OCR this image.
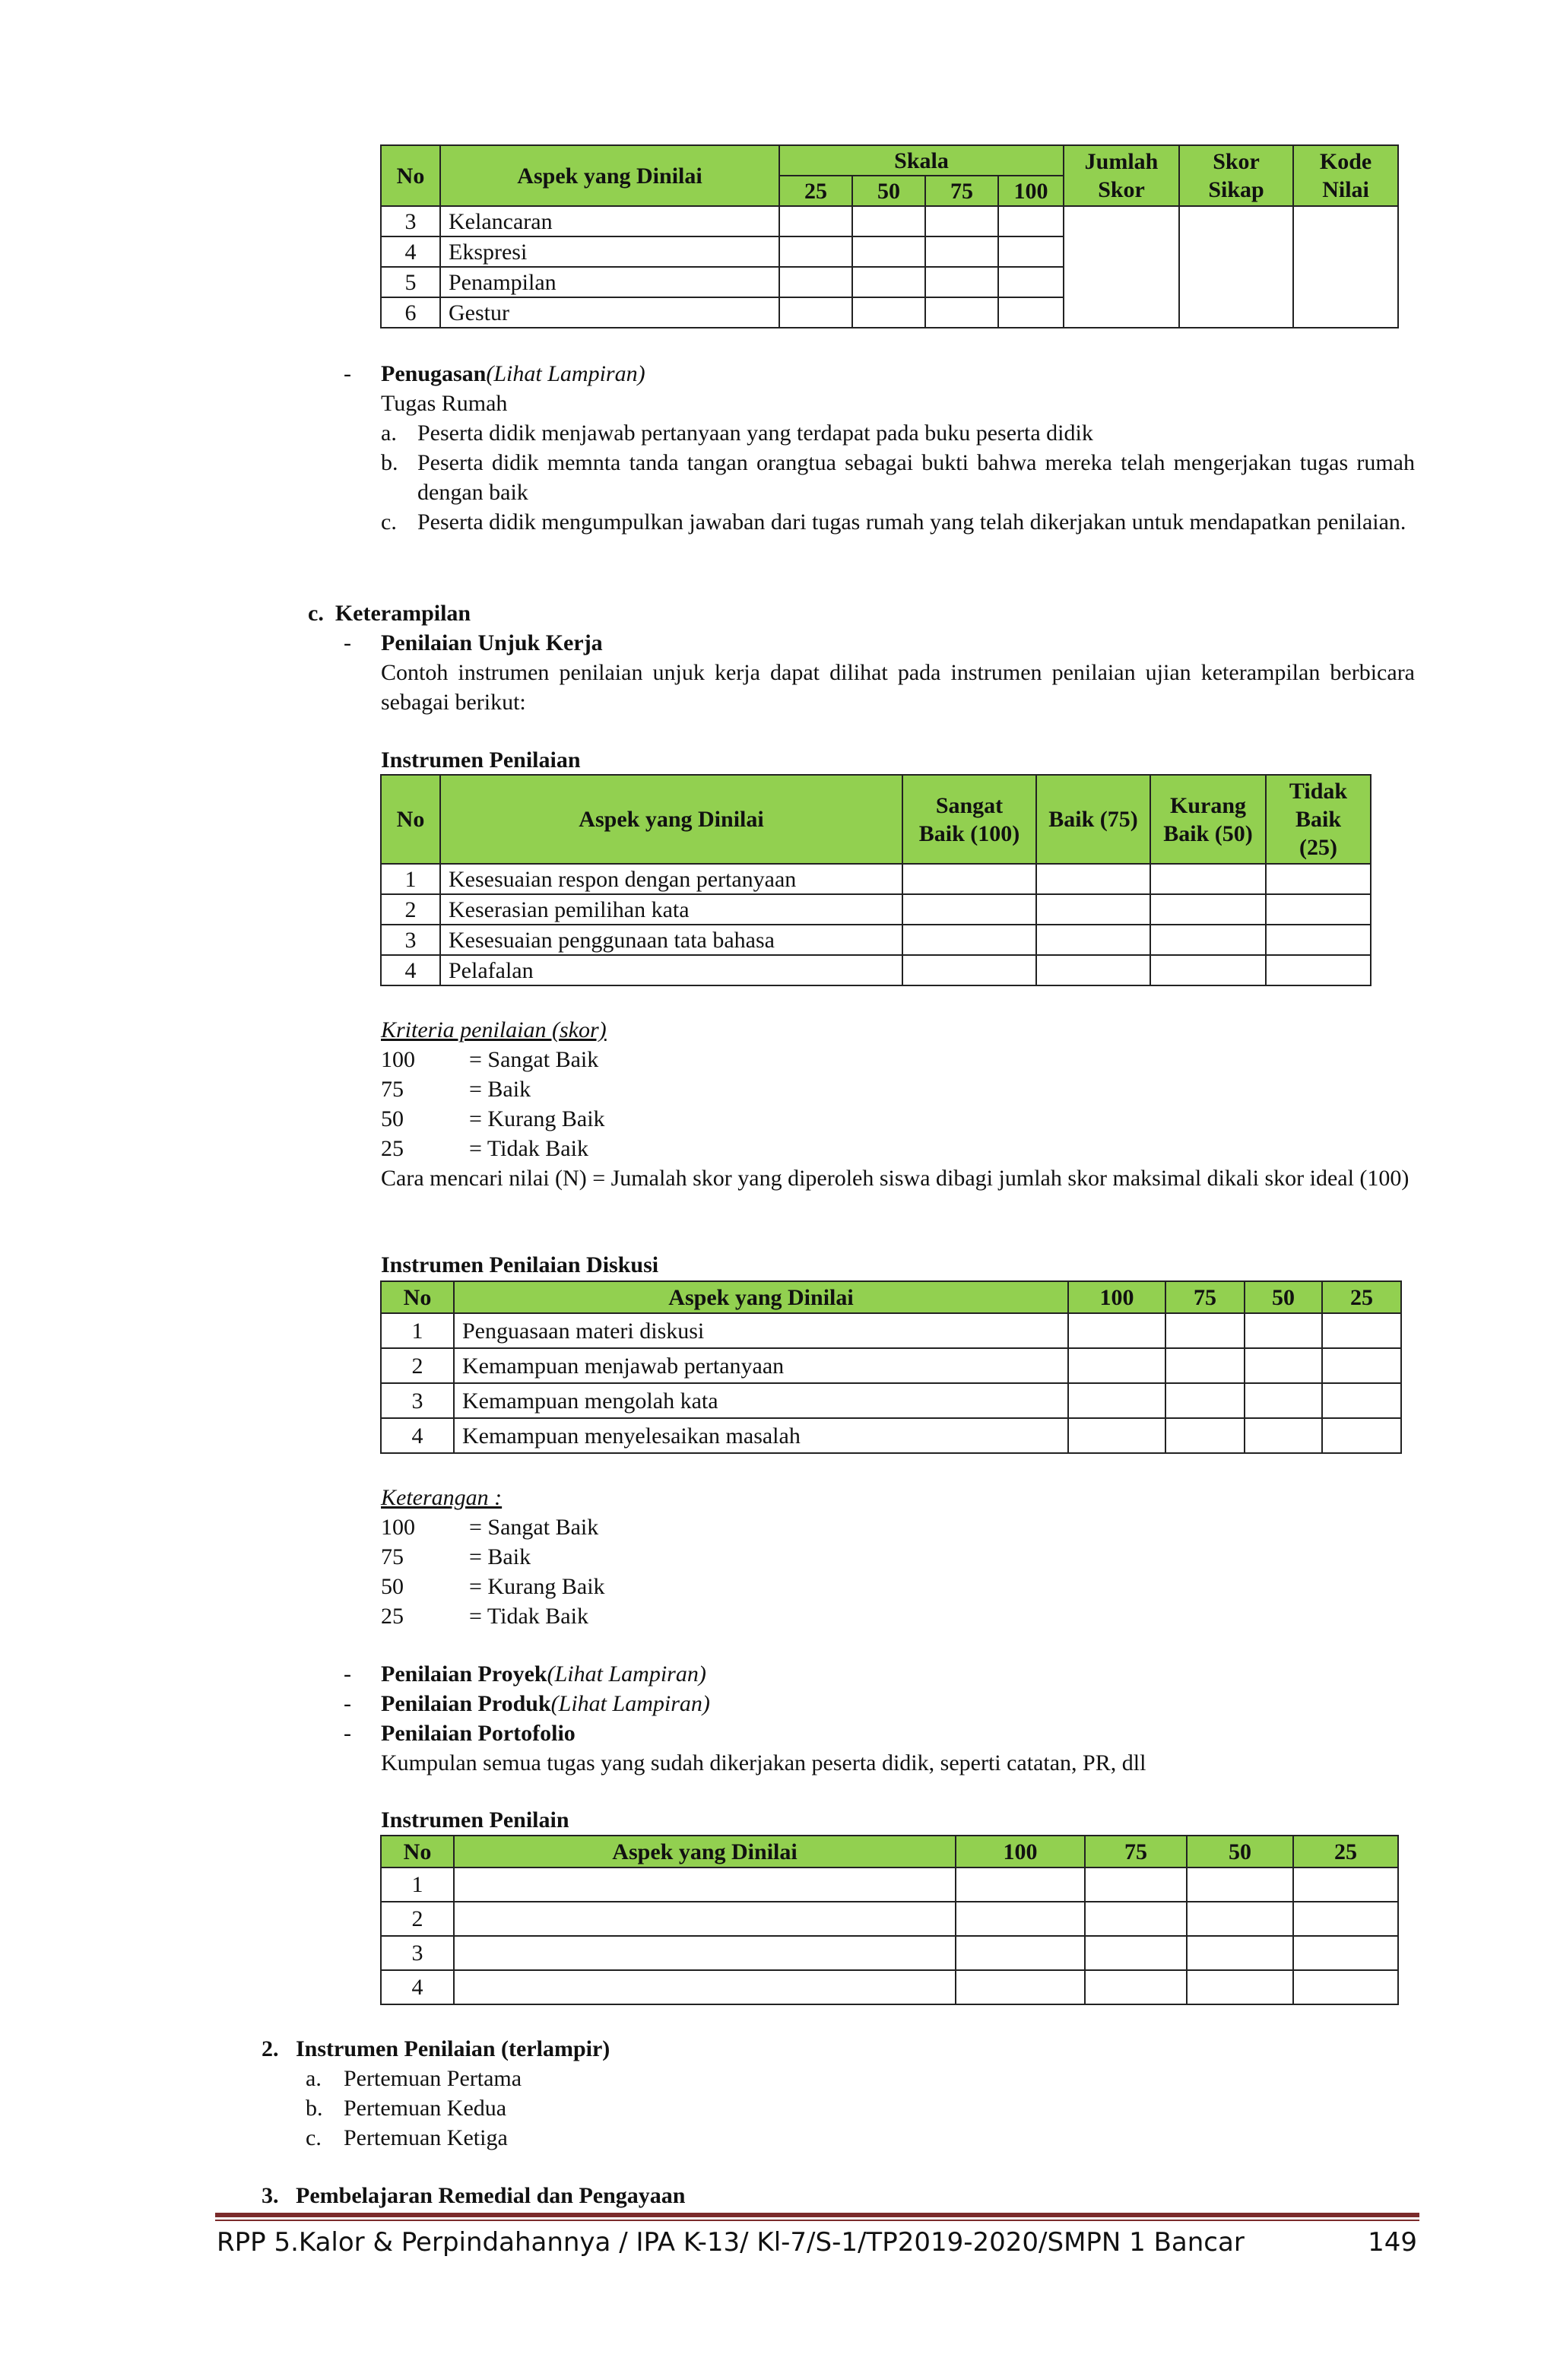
No	Aspek yang Dinilai	Skala				Jumlah Skor	Skor Sikap	Kode Nilai
		25	50	75	100			
3	Kelancaran							
4	Ekspresi							
5	Penampilan							
6	Gestur							
- Penugasan(Lihat Lampiran)
Tugas Rumah
a. Peserta didik menjawab pertanyaan yang terdapat pada buku peserta didik
b. Peserta didik memnta tanda tangan orangtua sebagai bukti bahwa mereka telah mengerjakan tugas rumah dengan baik
c. Peserta didik mengumpulkan jawaban dari tugas rumah yang telah dikerjakan untuk mendapatkan penilaian.
c.  Keterampilan
- Penilaian Unjuk Kerja
Contoh instrumen penilaian unjuk kerja dapat dilihat pada instrumen penilaian ujian keterampilan berbicara sebagai berikut:
Instrumen Penilaian
No	Aspek yang Dinilai	Sangat Baik (100)	Baik (75)	Kurang Baik (50)	Tidak Baik (25)
1	Kesesuaian respon dengan pertanyaan				
2	Keserasian pemilihan kata				
3	Kesesuaian penggunaan tata bahasa				
4	Pelafalan				
Kriteria penilaian (skor)
100	= Sangat Baik
75	= Baik
50	= Kurang Baik
25	= Tidak Baik
Cara mencari nilai (N) = Jumalah skor yang diperoleh siswa dibagi jumlah skor maksimal dikali skor ideal (100)
Instrumen Penilaian Diskusi
No	Aspek yang Dinilai	100	75	50	25
1	Penguasaan materi diskusi				
2	Kemampuan menjawab pertanyaan				
3	Kemampuan mengolah kata				
4	Kemampuan menyelesaikan masalah				
Keterangan :
100	= Sangat Baik
75	= Baik
50	= Kurang Baik
25	= Tidak Baik
-
-
-
Penilaian Proyek(Lihat Lampiran)
Penilaian Produk(Lihat Lampiran)
Penilaian Portofolio
Kumpulan semua tugas yang sudah dikerjakan peserta didik, seperti catatan, PR, dll
Instrumen Penilain
No	Aspek yang Dinilai	100	75	50	25
1					
2					
3					
4					
2.   Instrumen Penilaian (terlampir)
a. Pertemuan Pertama
b. Pertemuan Kedua
c. Pertemuan Ketiga
3.   Pembelajaran Remedial dan Pengayaan
RPP 5.Kalor & Perpindahannya / IPA K-13/ Kl-7/S-1/TP2019-2020/SMPN 1 Bancar	149
